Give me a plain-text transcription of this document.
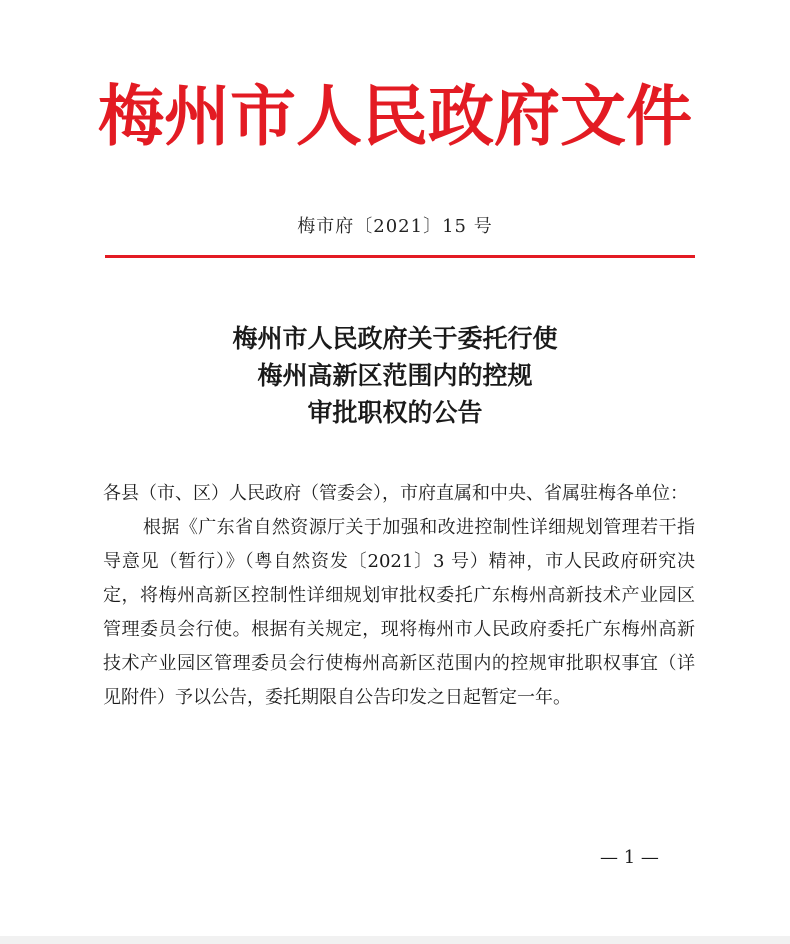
梅州市人民政府文件
梅市府〔2021〕15 号
梅州市人民政府关于委托行使
梅州高新区范围内的控规
审批职权的公告

各县（市、区）人民政府（管委会），市府直属和中央、省属驻梅各单位：

根据《广东省自然资源厅关于加强和改进控制性详细规划管理若干指导意见（暂行）》（粤自然资发〔2021〕3 号）精神，市人民政府研究决定，将梅州高新区控制性详细规划审批权委托广东梅州高新技术产业园区管理委员会行使。根据有关规定，现将梅州市人民政府委托广东梅州高新技术产业园区管理委员会行使梅州高新区范围内的控规审批职权事宜（详见附件）予以公告，委托期限自公告印发之日起暂定一年。

— 1 —
